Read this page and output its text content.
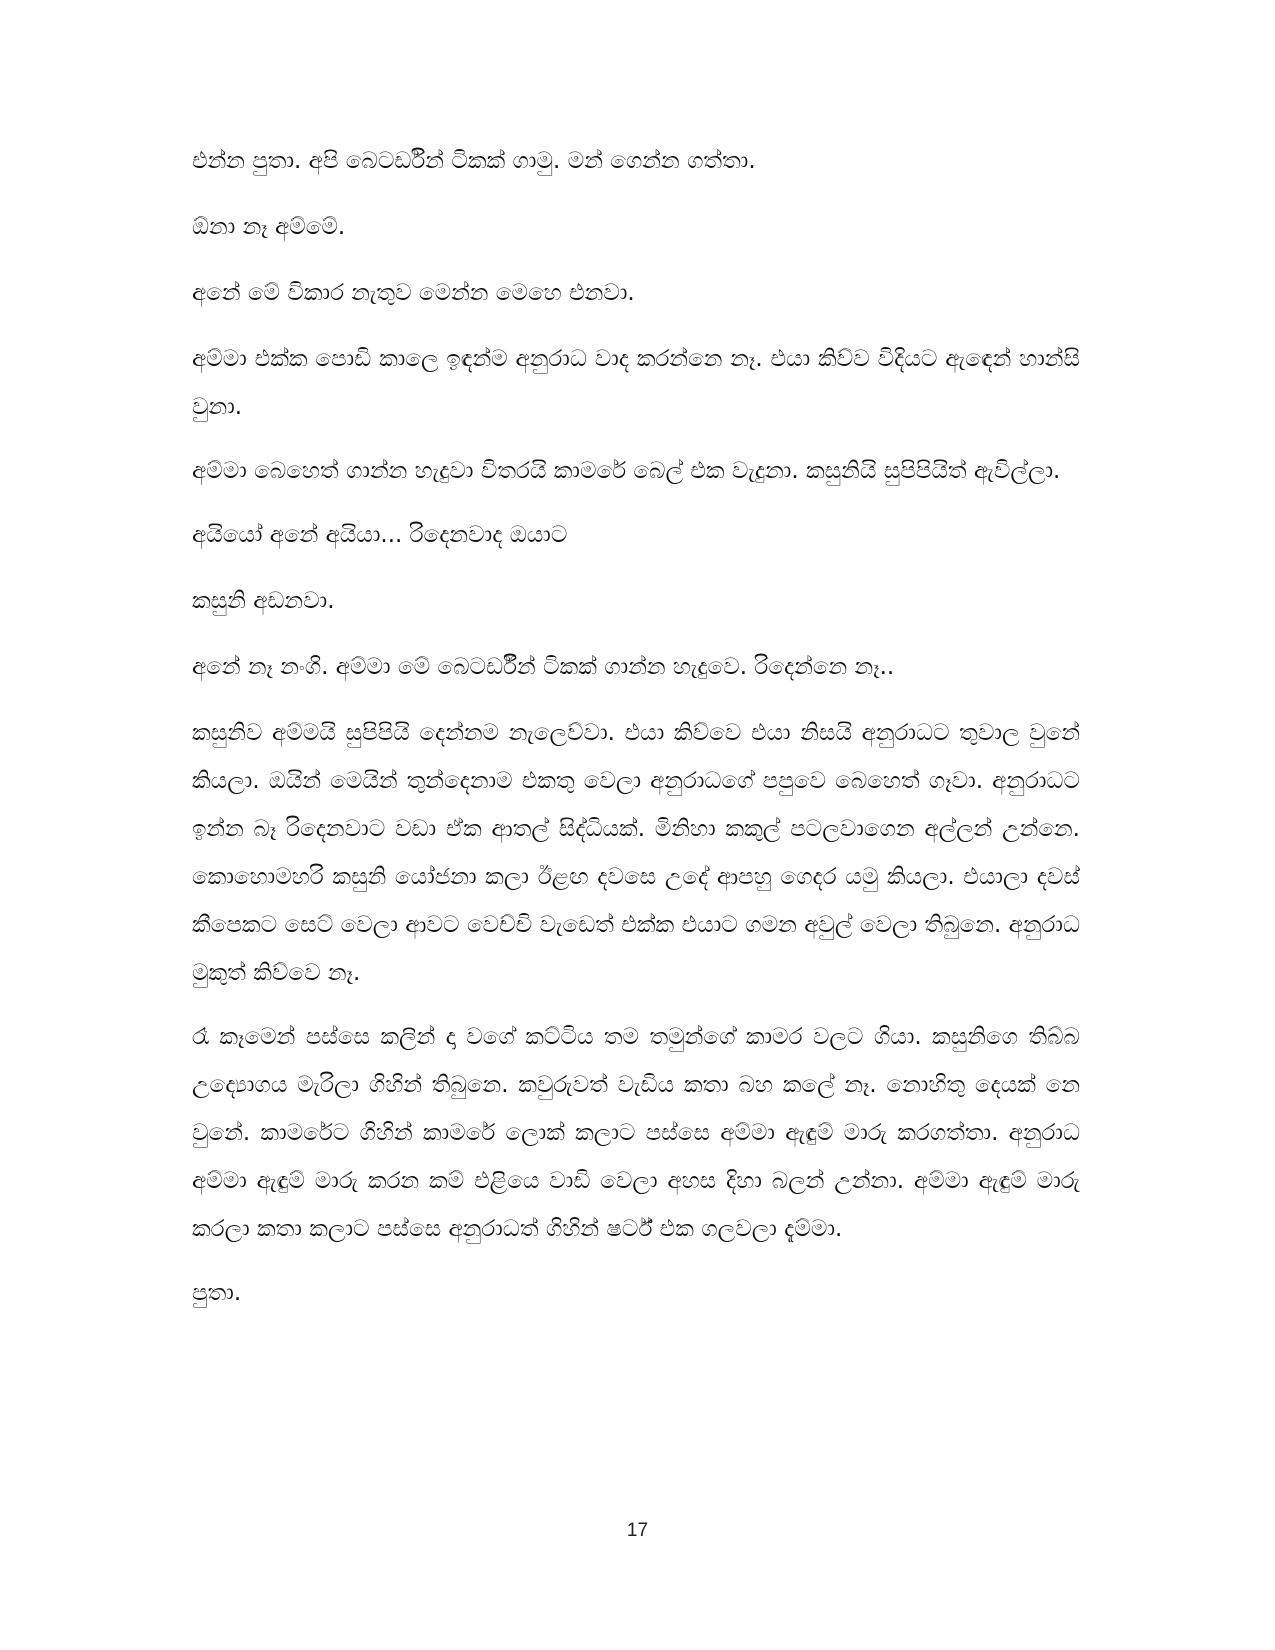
එන්න පුතා. අපි බෙටර්ඩින් ටිකක් ගාමු. මන් ගෙන්න ගත්තා.

ඕනා නෑ අම්මේ.

අනේ මේ විකාර නැතුව මෙන්න මෙහෙ එනවා.

අම්මා එක්ක පොඩි කාලෙ ඉඳන්ම අනුරාධ වාද කරන්නෙ නෑ. එයා කිව්ව විදියට ඇඳෙන් හාන්සි වුනා.

අම්මා බෙහෙත් ගාන්න හැදුවා විතරයි කාමරේ බෙල් එක වැදුනා. කසුනියි සුපිපියිත් ඇවිල්ලා.

අයියෝ අනේ අයියා... රිදෙනවාද ඔයාට

කසුනි අඩනවා.

අනේ නෑ නංගි. අම්මා මේ බෙටර්ඩීන් ටිකක් ගාන්න හැදුවෙ. රිදෙන්නෙ නෑ..

කසුනිව අම්මයි සුපිපියි දෙන්නම නැලෙව්වා. එයා කිව්වෙ එයා නිසයි අනුරාධට තුවාල වුනේ කියලා. ඔයින් මෙයින් තුන්දෙනාම එකතු වෙලා අනුරාධගේ පපුවෙ බෙහෙත් ගෑවා. අනුරාධට ඉන්න බෑ රිදෙනවාට වඩා ඒක ආතල් සිද්ධියක්. මිනිහා කකුල් පටලවාගෙන අල්ලන් උන්නෙ. කොහොමහරි කසුනි යෝජනා කලා ඊළඟ දවසෙ උදේ ආපහු ගෙදර යමු කියලා. එයාලා දවස් කීපෙකට සෙට් වෙලා ආවට වෙච්චි වැඩෙත් එක්ක එයාට ගමන අවුල් වෙලා තිබුනෙ. අනුරාධ මුකුත් කිව්වෙ නෑ.

රෑ කෑමෙන් පස්සෙ කලින් දා වගේ කට්ටිය තම තමුන්ගේ කාමර වලට ගියා. කසුනිගෙ තිබ්බ උද්‍යොගය මැරිලා ගිහින් තිබුනෙ. කවුරුවත් වැඩිය කතා බහ කලේ නෑ. නොහිතු දෙයක් නෙ වුනේ. කාමරේට ගිහින් කාමරේ ලොක් කලාට පස්සෙ අම්මා ඇඳුම් මාරු කරගත්තා. අනුරාධ අම්මා ඇඳුම් මාරු කරන කම් එළියෙ වාඩි වෙලා අහස දිහා බලන් උන්නා. අම්මා ඇඳුම් මාරු කරලා කතා කලාට පස්සෙ අනුරාධත් ගිහින් ෂර්ට් එක ගලවලා දැම්මා.

පුතා.

17
